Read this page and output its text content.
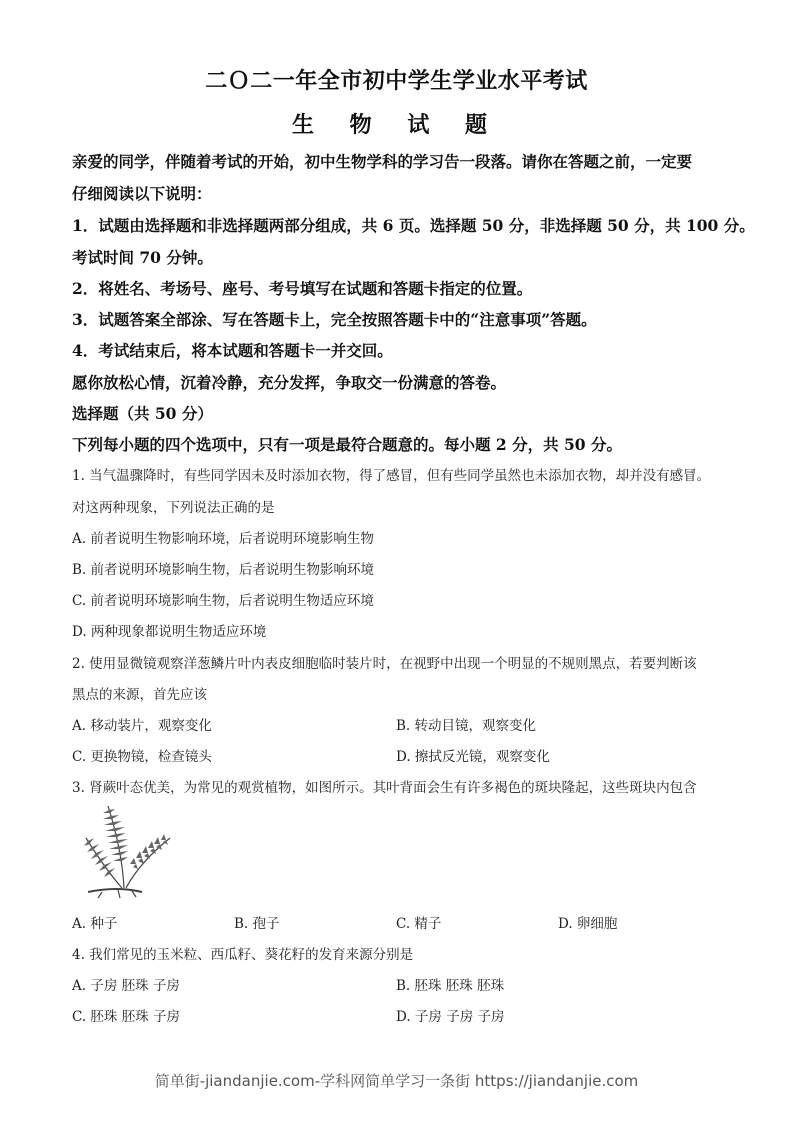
二Ｏ二一年全市初中学生学业水平考试
生 物 试 题
亲爱的同学，伴随着考试的开始，初中生物学科的学习告一段落。请你在答题之前，一定要
仔细阅读以下说明：
1．试题由选择题和非选择题两部分组成，共 6 页。选择题 50 分，非选择题 50 分，共 100 分。
考试时间 70 分钟。
2．将姓名、考场号、座号、考号填写在试题和答题卡指定的位置。
3．试题答案全部涂、写在答题卡上，完全按照答题卡中的“注意事项”答题。
4．考试结束后，将本试题和答题卡一并交回。
愿你放松心情，沉着冷静，充分发挥，争取交一份满意的答卷。
选择题（共 50 分）
下列每小题的四个选项中，只有一项是最符合题意的。每小题 2 分，共 50 分。
1. 当气温骤降时，有些同学因未及时添加衣物，得了感冒，但有些同学虽然也未添加衣物，却并没有感冒。
对这两种现象，下列说法正确的是
A. 前者说明生物影响环境，后者说明环境影响生物
B. 前者说明环境影响生物，后者说明生物影响环境
C. 前者说明环境影响生物，后者说明生物适应环境
D. 两种现象都说明生物适应环境
2. 使用显微镜观察洋葱鳞片叶内表皮细胞临时装片时，在视野中出现一个明显的不规则黑点，若要判断该
黑点的来源，首先应该
A. 移动装片，观察变化	B. 转动目镜，观察变化
C. 更换物镜，检查镜头	D. 擦拭反光镜，观察变化
3. 肾蕨叶态优美，为常见的观赏植物，如图所示。其叶背面会生有许多褐色的斑块隆起，这些斑块内包含
A. 种子	B. 孢子	C. 精子	D. 卵细胞
4. 我们常见的玉米粒、西瓜籽、葵花籽的发育来源分别是
A. 子房 胚珠 子房	B. 胚珠 胚珠 胚珠
C. 胚珠 胚珠 子房	D. 子房 子房 子房
简单街-jiandanjie.com-学科网简单学习一条街 https://jiandanjie.com
